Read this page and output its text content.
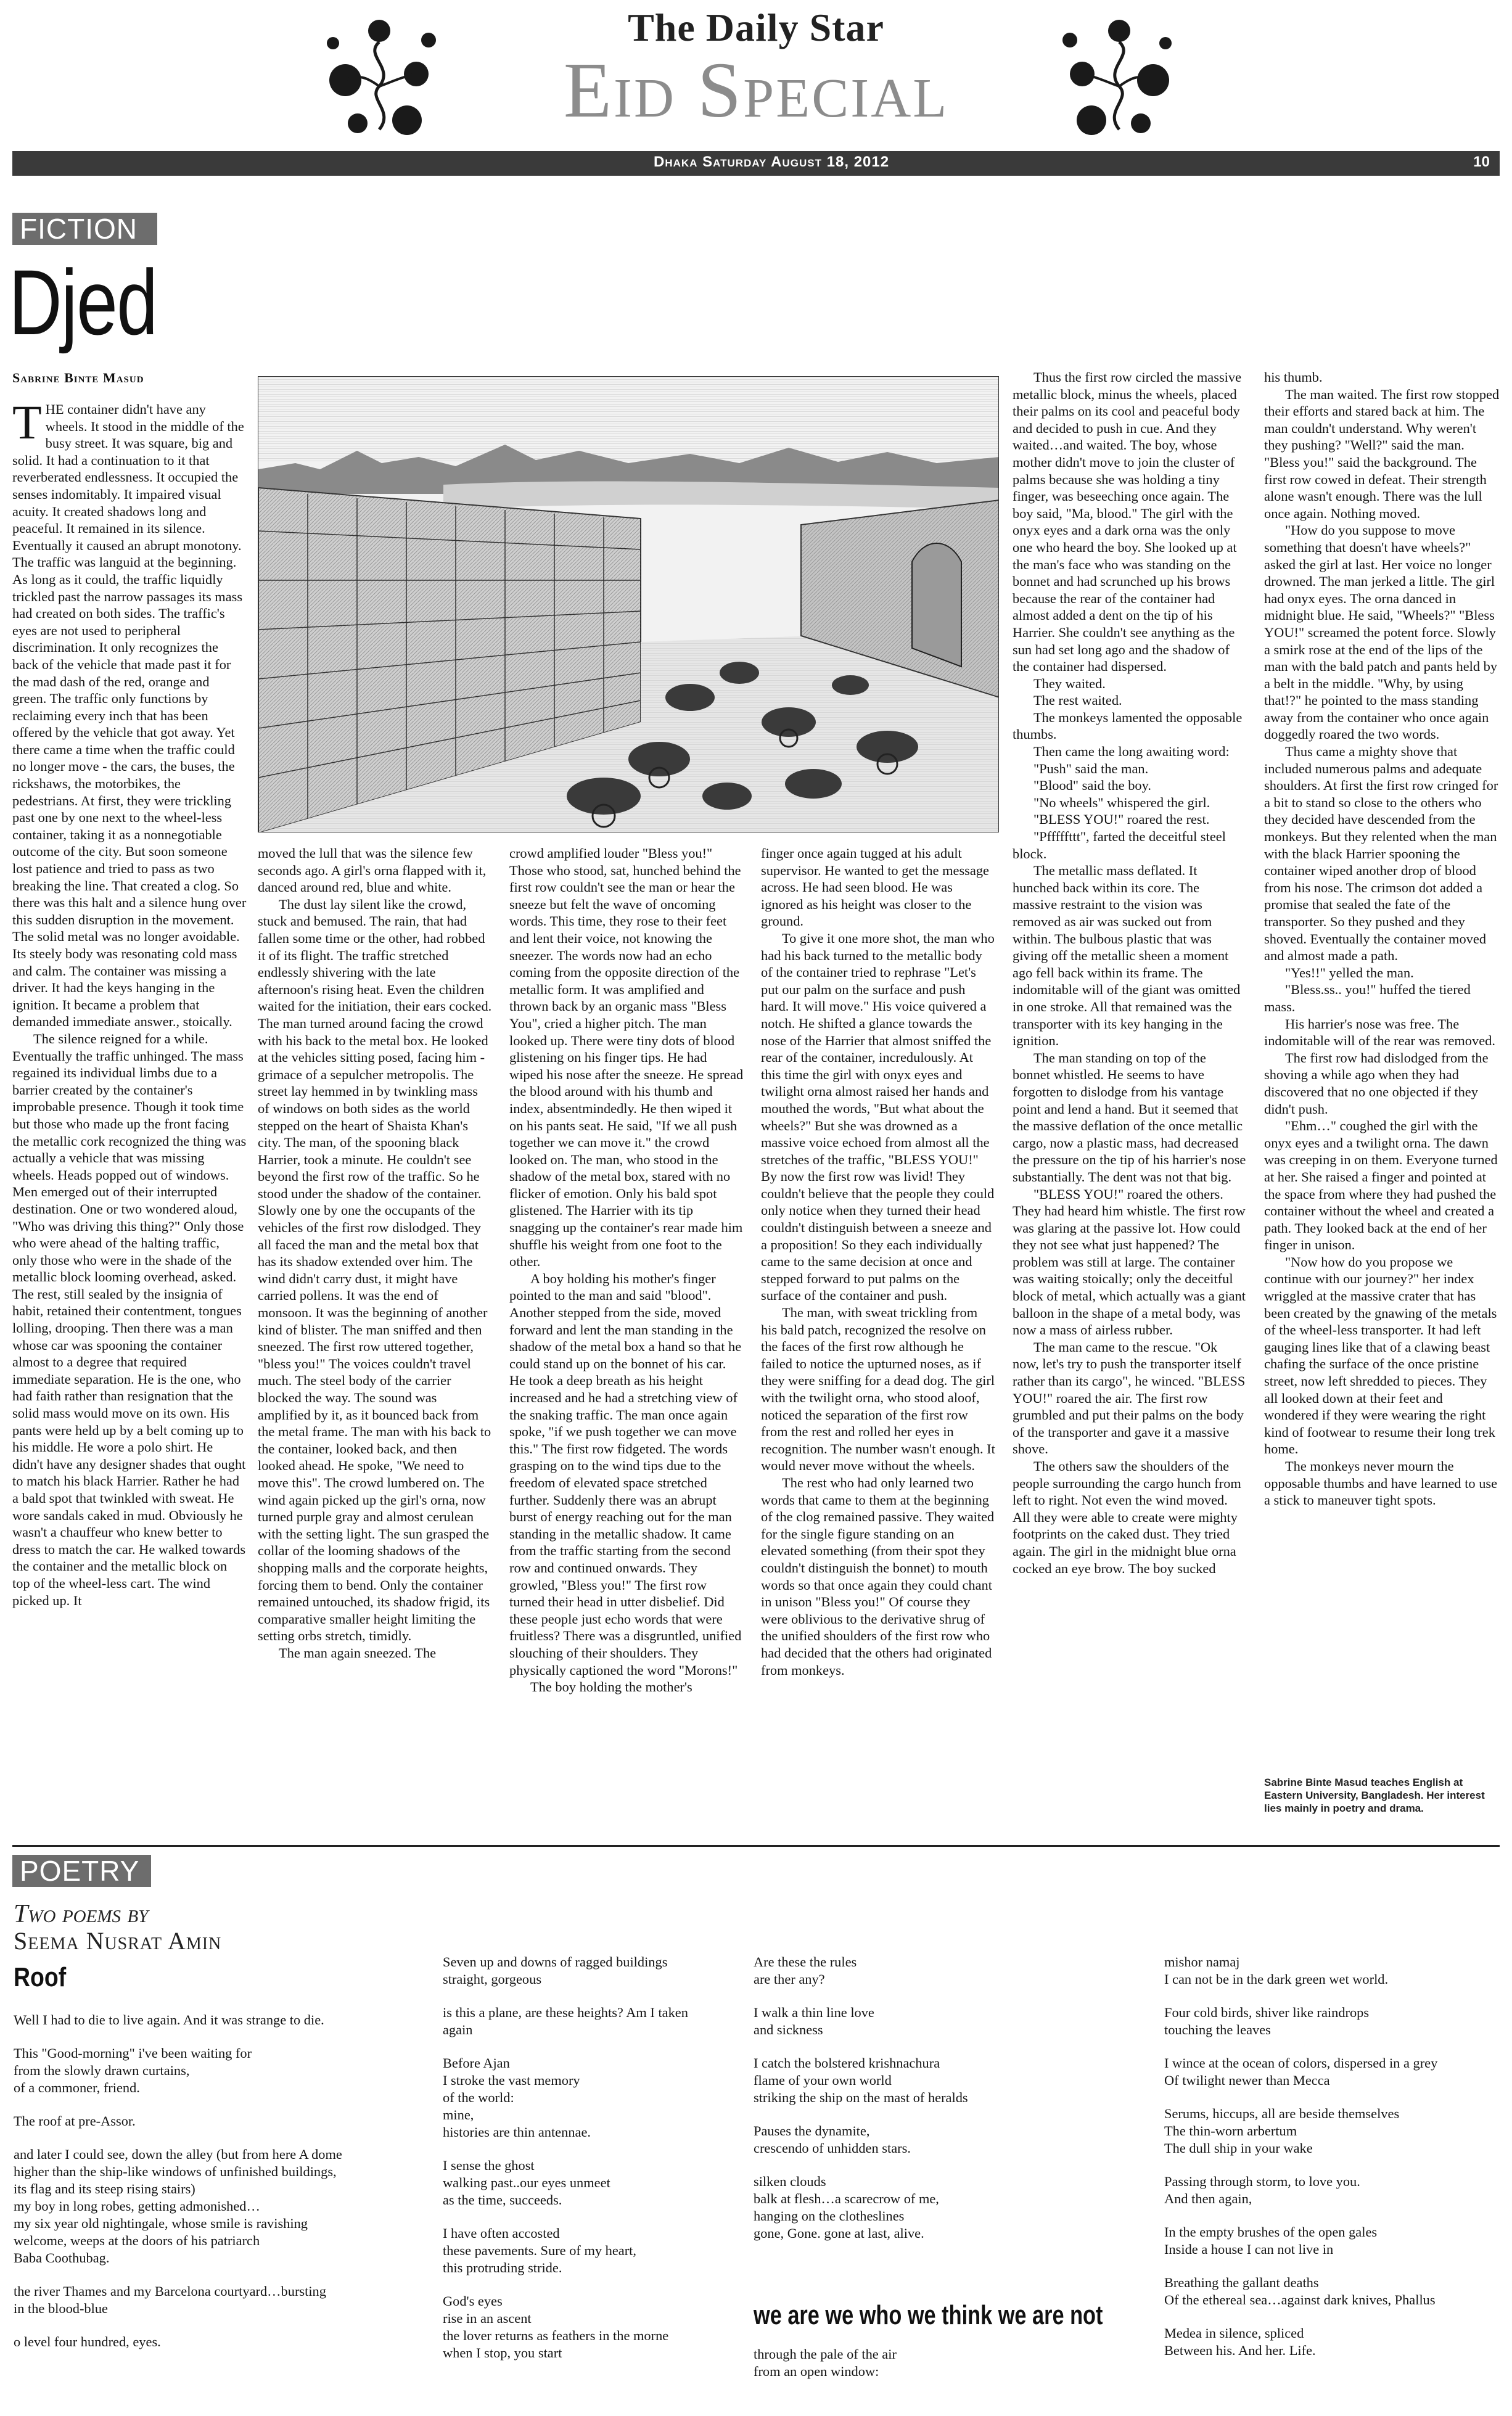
The Daily Star
Eid Special
Dhaka Saturday August 18, 2012	10
FICTION
Djed
Sabrine Binte Masud

THE container didn't have any wheels. It stood in the middle of the busy street. It was square, big and solid. It had a continuation to it that reverberated endlessness. It occupied the senses indomitably. It impaired visual acuity. It created shadows long and peaceful. It remained in its silence. Eventually it caused an abrupt monotony. The traffic was languid at the beginning. As long as it could, the traffic liquidly trickled past the narrow passages its mass had created on both sides. The traffic's eyes are not used to peripheral discrimination. It only recognizes the back of the vehicle that made past it for the mad dash of the red, orange and green. The traffic only functions by reclaiming every inch that has been offered by the vehicle that got away. Yet there came a time when the traffic could no longer move - the cars, the buses, the rickshaws, the motorbikes, the pedestrians. At first, they were trickling past one by one next to the wheel-less container, taking it as a nonnegotiable outcome of the city. But soon someone lost patience and tried to pass as two breaking the line. That created a clog. So there was this halt and a silence hung over this sudden disruption in the movement. The solid metal was no longer avoidable. Its steely body was resonating cold mass and calm. The container was missing a driver. It had the keys hanging in the ignition. It became a problem that demanded immediate answer., stoically.

The silence reigned for a while. Eventually the traffic unhinged. The mass regained its individual limbs due to a barrier created by the container's improbable presence. Though it took time but those who made up the front facing the metallic cork recognized the thing was actually a vehicle that was missing wheels. Heads popped out of windows. Men emerged out of their interrupted destination. One or two wondered aloud, "Who was driving this thing?" Only those who were ahead of the halting traffic, only those who were in the shade of the metallic block looming overhead, asked. The rest, still sealed by the insignia of habit, retained their contentment, tongues lolling, drooping. Then there was a man whose car was spooning the container almost to a degree that required immediate separation. He is the one, who had faith rather than resignation that the solid mass would move on its own. His pants were held up by a belt coming up to his middle. He wore a polo shirt. He didn't have any designer shades that ought to match his black Harrier. Rather he had a bald spot that twinkled with sweat. He wore sandals caked in mud. Obviously he wasn't a chauffeur who knew better to dress to match the car. He walked towards the container and the metallic block on top of the wheel-less cart. The wind picked up. It

moved the lull that was the silence few seconds ago. A girl's orna flapped with it, danced around red, blue and white.

The dust lay silent like the crowd, stuck and bemused. The rain, that had fallen some time or the other, had robbed it of its flight. The traffic stretched endlessly shivering with the late afternoon's rising heat. Even the children waited for the initiation, their ears cocked. The man turned around facing the crowd with his back to the metal box. He looked at the vehicles sitting posed, facing him - grimace of a sepulcher metropolis. The street lay hemmed in by twinkling mass of windows on both sides as the world stepped on the heart of Shaista Khan's city. The man, of the spooning black Harrier, took a minute. He couldn't see beyond the first row of the traffic. So he stood under the shadow of the container. Slowly one by one the occupants of the vehicles of the first row dislodged. They all faced the man and the metal box that has its shadow extended over him. The wind didn't carry dust, it might have carried pollens. It was the end of monsoon. It was the beginning of another kind of blister. The man sniffed and then sneezed. The first row uttered together, "bless you!" The voices couldn't travel much. The steel body of the carrier blocked the way. The sound was amplified by it, as it bounced back from the metal frame. The man with his back to the container, looked back, and then looked ahead. He spoke, "We need to move this". The crowd lumbered on. The wind again picked up the girl's orna, now turned purple gray and almost cerulean with the setting light. The sun grasped the collar of the looming shadows of the shopping malls and the corporate heights, forcing them to bend. Only the container remained untouched, its shadow frigid, its comparative smaller height limiting the setting orbs stretch, timidly.

The man again sneezed. The

crowd amplified louder "Bless you!" Those who stood, sat, hunched behind the first row couldn't see the man or hear the sneeze but felt the wave of oncoming words. This time, they rose to their feet and lent their voice, not knowing the sneezer. The words now had an echo coming from the opposite direction of the metallic form. It was amplified and thrown back by an organic mass "Bless You", cried a higher pitch. The man looked up. There were tiny dots of blood glistening on his finger tips. He had wiped his nose after the sneeze. He spread the blood around with his thumb and index, absentmindedly. He then wiped it on his pants seat. He said, "If we all push together we can move it." the crowd looked on. The man, who stood in the shadow of the metal box, stared with no flicker of emotion. Only his bald spot glistened. The Harrier with its tip snagging up the container's rear made him shuffle his weight from one foot to the other.

A boy holding his mother's finger pointed to the man and said "blood". Another stepped from the side, moved forward and lent the man standing in the shadow of the metal box a hand so that he could stand up on the bonnet of his car. He took a deep breath as his height increased and he had a stretching view of the snaking traffic. The man once again spoke, "if we push together we can move this." The first row fidgeted. The words grasping on to the wind tips due to the freedom of elevated space stretched further. Suddenly there was an abrupt burst of energy reaching out for the man standing in the metallic shadow. It came from the traffic starting from the second row and continued onwards. They growled, "Bless you!" The first row turned their head in utter disbelief. Did these people just echo words that were fruitless? There was a disgruntled, unified slouching of their shoulders. They physically captioned the word "Morons!"

The boy holding the mother's

finger once again tugged at his adult supervisor. He wanted to get the message across. He had seen blood. He was ignored as his height was closer to the ground.

To give it one more shot, the man who had his back turned to the metallic body of the container tried to rephrase "Let's put our palm on the surface and push hard. It will move." His voice quivered a notch. He shifted a glance towards the nose of the Harrier that almost sniffed the rear of the container, incredulously. At this time the girl with onyx eyes and twilight orna almost raised her hands and mouthed the words, "But what about the wheels?" But she was drowned as a massive voice echoed from almost all the stretches of the traffic, "BLESS YOU!" By now the first row was livid! They couldn't believe that the people they could only notice when they turned their head couldn't distinguish between a sneeze and a proposition! So they each individually came to the same decision at once and stepped forward to put palms on the surface of the container and push.

The man, with sweat trickling from his bald patch, recognized the resolve on the faces of the first row although he failed to notice the upturned noses, as if they were sniffing for a dead dog. The girl with the twilight orna, who stood aloof, noticed the separation of the first row from the rest and rolled her eyes in recognition. The number wasn't enough. It would never move without the wheels.

The rest who had only learned two words that came to them at the beginning of the clog remained passive. They waited for the single figure standing on an elevated something (from their spot they couldn't distinguish the bonnet) to mouth words so that once again they could chant in unison "Bless you!" Of course they were oblivious to the derivative shrug of the unified shoulders of the first row who had decided that the others had originated from monkeys.

Thus the first row circled the massive metallic block, minus the wheels, placed their palms on its cool and peaceful body and decided to push in cue. And they waited…and waited. The boy, whose mother didn't move to join the cluster of palms because she was holding a tiny finger, was beseeching once again. The boy said, "Ma, blood." The girl with the onyx eyes and a dark orna was the only one who heard the boy. She looked up at the man's face who was standing on the bonnet and had scrunched up his brows because the rear of the container had almost added a dent on the tip of his Harrier. She couldn't see anything as the sun had set long ago and the shadow of the container had dispersed.

They waited.

The rest waited.

The monkeys lamented the opposable thumbs.

Then came the long awaiting word:

"Push" said the man.

"Blood" said the boy.

"No wheels" whispered the girl.

"BLESS YOU!" roared the rest.

"Pfffffttt", farted the deceitful steel block.

The metallic mass deflated. It hunched back within its core. The massive restraint to the vision was removed as air was sucked out from within. The bulbous plastic that was giving off the metallic sheen a moment ago fell back within its frame. The indomitable will of the giant was omitted in one stroke. All that remained was the transporter with its key hanging in the ignition.

The man standing on top of the bonnet whistled. He seems to have forgotten to dislodge from his vantage point and lend a hand. But it seemed that the massive deflation of the once metallic cargo, now a plastic mass, had decreased the pressure on the tip of his harrier's nose substantially. The dent was not that big.

"BLESS YOU!" roared the others. They had heard him whistle. The first row was glaring at the passive lot. How could they not see what just happened? The problem was still at large. The container was waiting stoically; only the deceitful block of metal, which actually was a giant balloon in the shape of a metal body, was now a mass of airless rubber.

The man came to the rescue. "Ok now, let's try to push the transporter itself rather than its cargo", he winced. "BLESS YOU!" roared the air. The first row grumbled and put their palms on the body of the transporter and gave it a massive shove.

The others saw the shoulders of the people surrounding the cargo hunch from left to right. Not even the wind moved. All they were able to create were mighty footprints on the caked dust. They tried again. The girl in the midnight blue orna cocked an eye brow. The boy sucked

his thumb.

The man waited. The first row stopped their efforts and stared back at him. The man couldn't understand. Why weren't they pushing? "Well?" said the man. "Bless you!" said the background. The first row cowed in defeat. Their strength alone wasn't enough. There was the lull once again. Nothing moved.

"How do you suppose to move something that doesn't have wheels?" asked the girl at last. Her voice no longer drowned. The man jerked a little. The girl had onyx eyes. The orna danced in midnight blue. He said, "Wheels?" "Bless YOU!" screamed the potent force. Slowly a smirk rose at the end of the lips of the man with the bald patch and pants held by a belt in the middle. "Why, by using that!?" he pointed to the mass standing away from the container who once again doggedly roared the two words.

Thus came a mighty shove that included numerous palms and adequate shoulders. At first the first row cringed for a bit to stand so close to the others who they decided have descended from the monkeys. But they relented when the man with the black Harrier spooning the container wiped another drop of blood from his nose. The crimson dot added a promise that sealed the fate of the transporter. So they pushed and they shoved. Eventually the container moved and almost made a path.

"Yes!!" yelled the man.

"Bless.ss.. you!" huffed the tiered mass.

His harrier's nose was free. The indomitable will of the rear was removed.

The first row had dislodged from the shoving a while ago when they had discovered that no one objected if they didn't push.

"Ehm…" coughed the girl with the onyx eyes and a twilight orna. The dawn was creeping in on them. Everyone turned at her. She raised a finger and pointed at the space from where they had pushed the container without the wheel and created a path. They looked back at the end of her finger in unison.

"Now how do you propose we continue with our journey?" her index wriggled at the massive crater that has been created by the gnawing of the metals of the wheel-less transporter. It had left gauging lines like that of a clawing beast chafing the surface of the once pristine street, now left shredded to pieces. They all looked down at their feet and wondered if they were wearing the right kind of footwear to resume their long trek home.

The monkeys never mourn the opposable thumbs and have learned to use a stick to maneuver tight spots.

Sabrine Binte Masud teaches English at Eastern University, Bangladesh. Her interest lies mainly in poetry and drama.
POETRY
Two poems by
Seema Nusrat Amin
Roof

Well I had to die to live again. And it was strange to die.

This "Good-morning" i've been waiting for
from the slowly drawn curtains,
of a commoner, friend.

The roof at pre-Assor.

and later I could see, down the alley (but from here A dome
higher than the ship-like windows of unfinished buildings,
its flag and its steep rising stairs)
my boy in long robes, getting admonished…
my six year old nightingale, whose smile is ravishing
welcome, weeps at the doors of his patriarch
Baba Coothubag.

the river Thames and my Barcelona courtyard…bursting
in the blood-blue

o level four hundred, eyes.

Seven up and downs of ragged buildings
straight, gorgeous

is this a plane, are these heights? Am I taken
again

Before Ajan
I stroke the vast memory
of the world:
mine,
histories are thin antennae.

I sense the ghost
walking past..our eyes unmeet
as the time, succeeds.

I have often accosted
these pavements. Sure of my heart,
this protruding stride.

God's eyes
rise in an ascent
the lover returns as feathers in the morne
when I stop, you start

Are these the rules
are ther any?

I walk a thin line love
and sickness

I catch the bolstered krishnachura
flame of your own world
striking the ship on the mast of heralds

Pauses the dynamite,
crescendo of unhidden stars.

silken clouds
balk at flesh…a scarecrow of me,
hanging on the clotheslines
gone, Gone. gone at last, alive.

we are we who we think we are not

through the pale of the air
from an open window:

mishor namaj
I can not be in the dark green wet world.

Four cold birds, shiver like raindrops
touching the leaves

I wince at the ocean of colors, dispersed in a grey
Of twilight newer than Mecca

Serums, hiccups, all are beside themselves
The thin-worn arbertum
The dull ship in your wake

Passing through storm, to love you.
And then again,

In the empty brushes of the open gales
Inside a house I can not live in

Breathing the gallant deaths
Of the ethereal sea…against dark knives, Phallus

Medea in silence, spliced
Between his. And her. Life.
